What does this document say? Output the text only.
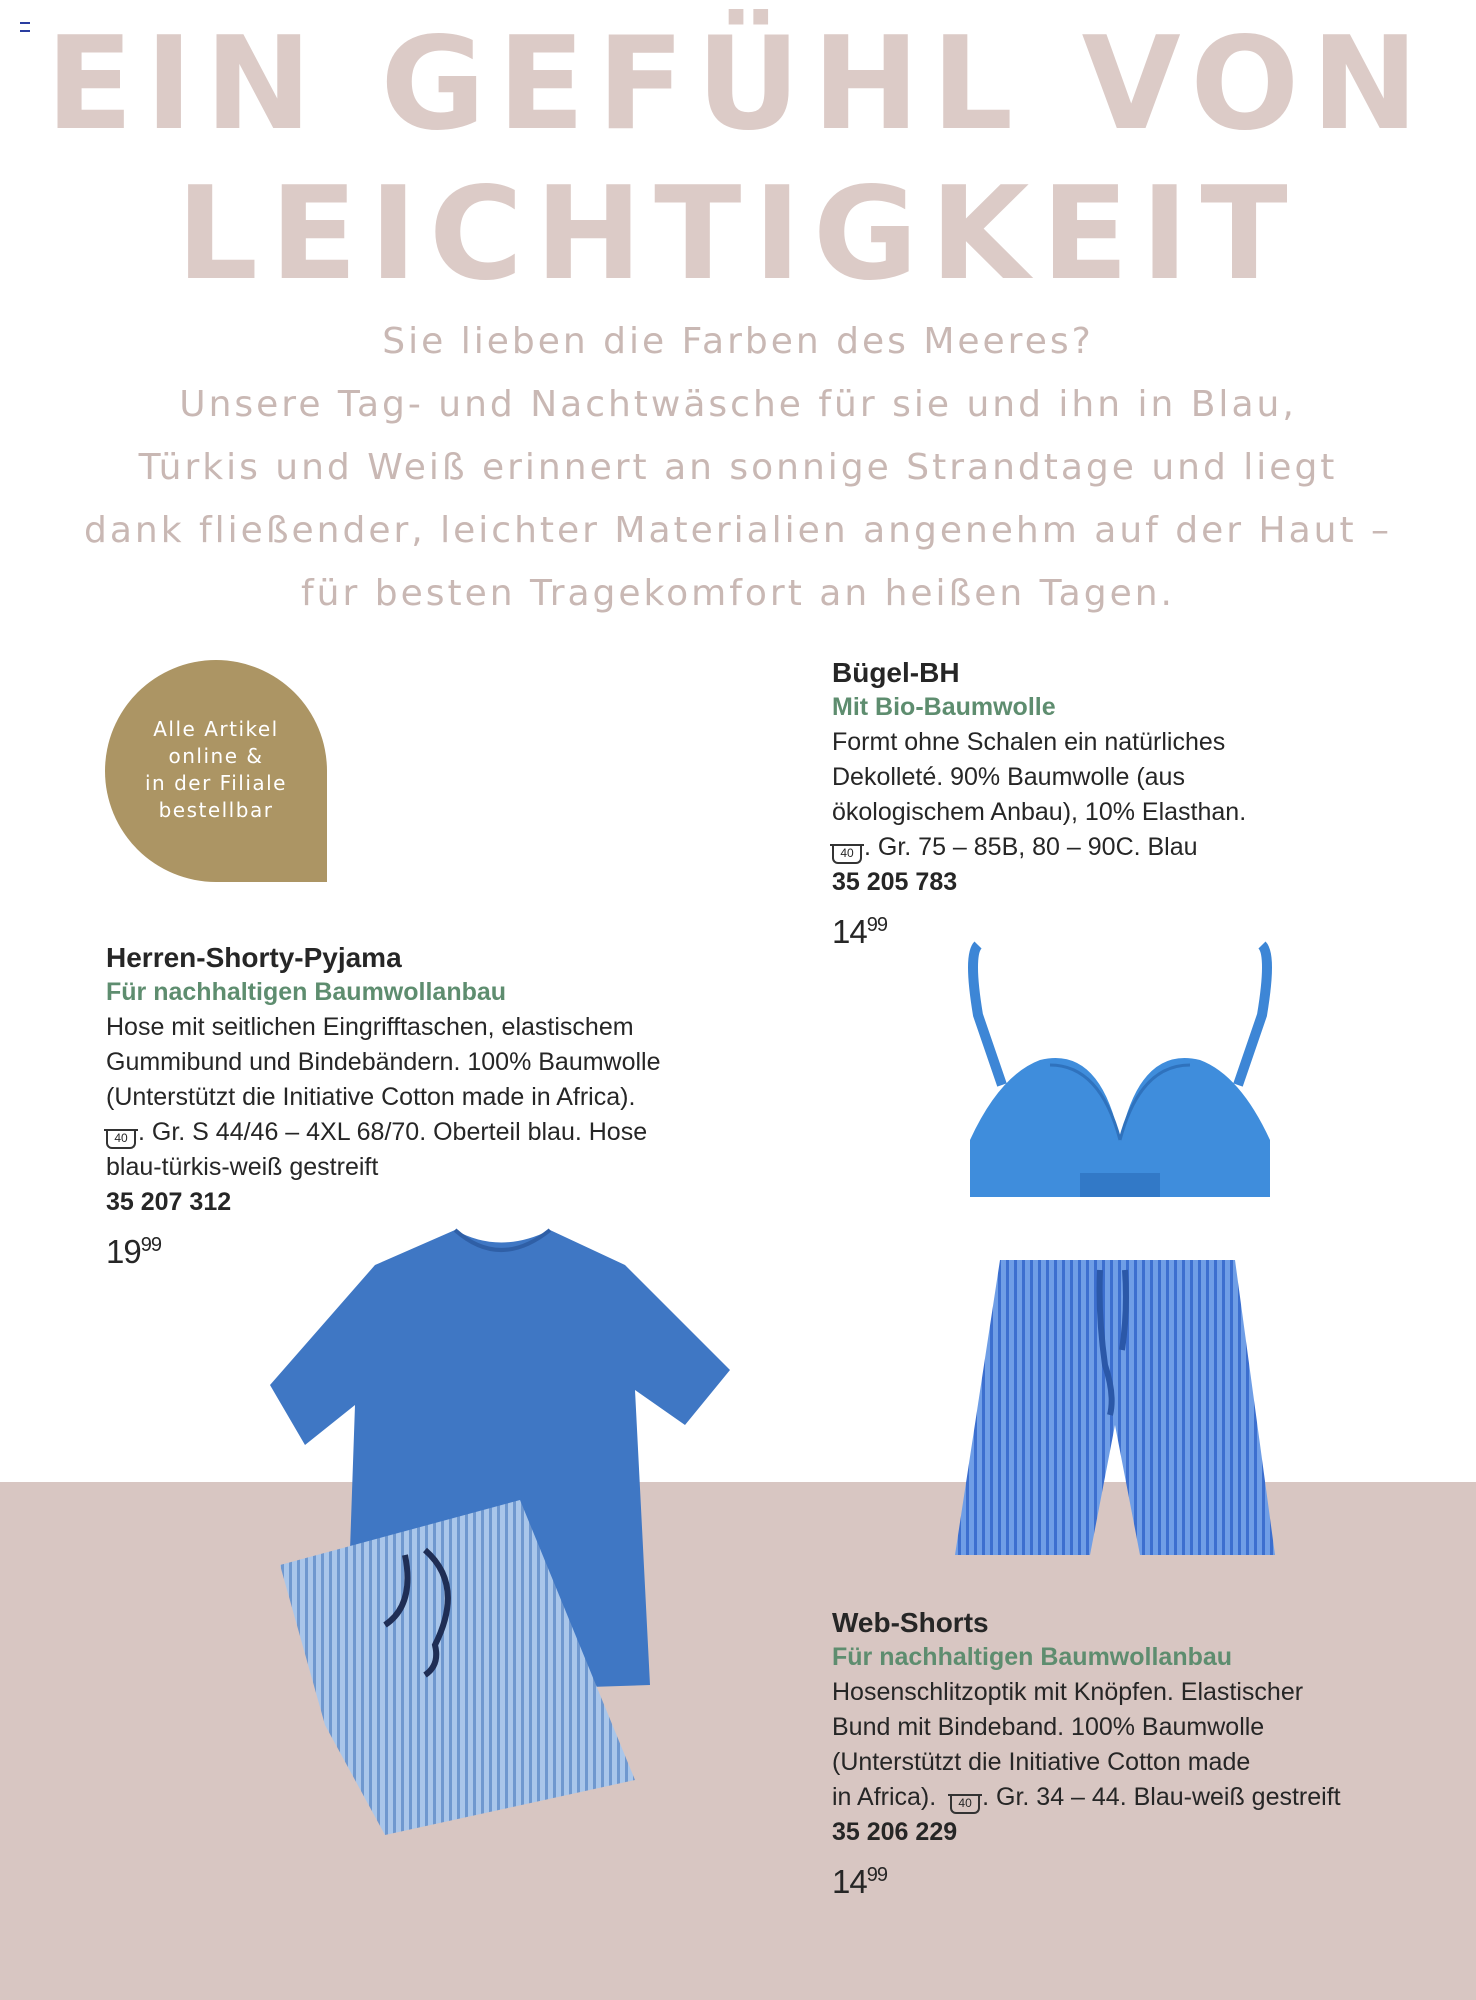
EIN GEFÜHL VON
LEICHTIGKEIT
Sie lieben die Farben des Meeres?
Unsere Tag- und Nachtwäsche für sie und ihn in Blau,
Türkis und Weiß erinnert an sonnige Strandtage und liegt
dank fließender, leichter Materialien angenehm auf der Haut –
für besten Tragekomfort an heißen Tagen.
Alle Artikel
online &
in der Filiale
bestellbar
Bügel-BH
Mit Bio-Baumwolle
Formt ohne Schalen ein natürliches
Dekolleté. 90% Baumwolle (aus
ökologischem Anbau), 10% Elasthan.
40 . Gr. 75 – 85B, 80 – 90C. Blau
35 205 783
$14^{99}$
Herren-Shorty-Pyjama
Für nachhaltigen Baumwollanbau
Hose mit seitlichen Eingrifftaschen, elastischem
Gummibund und Bindebändern. 100% Baumwolle
(Unterstützt die Initiative Cotton made in Africa).
40 . Gr. S 44/46 – 4XL 68/70. Oberteil blau. Hose
blau-türkis-weiß gestreift
35 207 312
$19^{99}$
Web-Shorts
Für nachhaltigen Baumwollanbau
Hosenschlitzoptik mit Knöpfen. Elastischer
Bund mit Bindeband. 100% Baumwolle
(Unterstützt die Initiative Cotton made
in Africa). 40 . Gr. 34 – 44. Blau-weiß gestreift
35 206 229
$14^{99}$
